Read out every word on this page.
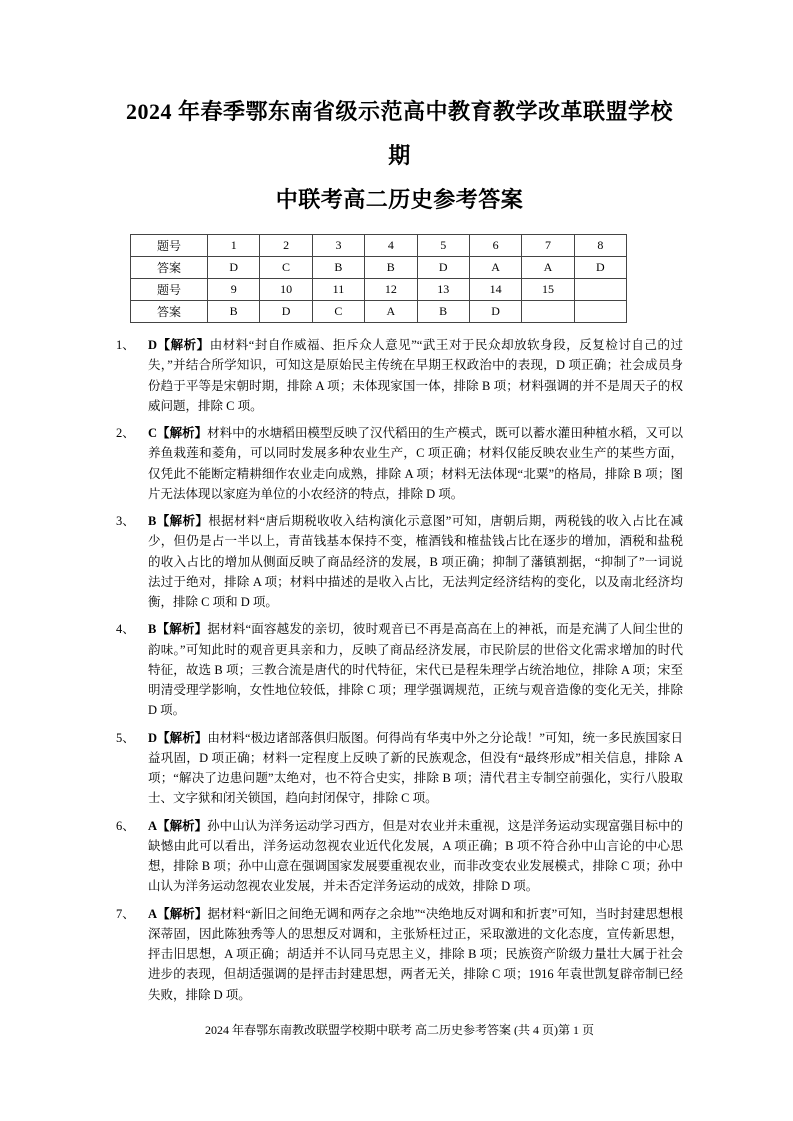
2024 年春季鄂东南省级示范高中教育教学改革联盟学校期
中联考高二历史参考答案
题号	1	2	3	4	5	6	7	8
答案	D	C	B	B	D	A	A	D
题号	9	10	11	12	13	14	15	
答案	B	D	C	A	B	D		
1、	D【解析】由材料“封自作威福、拒斥众人意见”“武王对于民众却放软身段，反复检讨自己的过失，”并结合所学知识，可知这是原始民主传统在早期王权政治中的表现，D 项正确；社会成员身份趋于平等是宋朝时期，排除 A 项；未体现家国一体，排除 B 项；材料强调的并不是周天子的权威问题，排除 C 项。
2、	C【解析】材料中的水塘稻田模型反映了汉代稻田的生产模式，既可以蓄水灌田种植水稻，又可以养鱼栽莲和菱角，可以同时发展多种农业生产，C 项正确；材料仅能反映农业生产的某些方面，仅凭此不能断定精耕细作农业走向成熟，排除 A 项；材料无法体现“北粟”的格局，排除 B 项；图片无法体现以家庭为单位的小农经济的特点，排除 D 项。
3、	B【解析】根据材料“唐后期税收收入结构演化示意图”可知，唐朝后期，两税钱的收入占比在减少，但仍是占一半以上，青苗钱基本保持不变，榷酒钱和榷盐钱占比在逐步的增加，酒税和盐税的收入占比的增加从侧面反映了商品经济的发展，B 项正确；抑制了藩镇割据，“抑制了”一词说法过于绝对，排除 A 项；材料中描述的是收入占比，无法判定经济结构的变化，以及南北经济均衡，排除 C 项和 D 项。
4、	B【解析】据材料“面容越发的亲切，彼时观音已不再是高高在上的神祇，而是充满了人间尘世的韵味。”可知此时的观音更具亲和力，反映了商品经济发展，市民阶层的世俗文化需求增加的时代特征，故选 B 项；三教合流是唐代的时代特征，宋代已是程朱理学占统治地位，排除 A 项；宋至明清受理学影响，女性地位较低，排除 C 项；理学强调规范，正统与观音造像的变化无关，排除 D 项。
5、	D【解析】由材料“极边诸部落俱归版图。何得尚有华夷中外之分论哉！”可知，统一多民族国家日益巩固，D 项正确；材料一定程度上反映了新的民族观念，但没有“最终形成”相关信息，排除 A 项；“解决了边患问题”太绝对，也不符合史实，排除 B 项；清代君主专制空前强化，实行八股取士、文字狱和闭关锁国，趋向封闭保守，排除 C 项。
6、	A【解析】孙中山认为洋务运动学习西方，但是对农业并未重视，这是洋务运动实现富强目标中的缺憾由此可以看出，洋务运动忽视农业近代化发展，A 项正确；B 项不符合孙中山言论的中心思想，排除 B 项；孙中山意在强调国家发展要重视农业，而非改变农业发展模式，排除 C 项；孙中山认为洋务运动忽视农业发展，并未否定洋务运动的成效，排除 D 项。
7、	A【解析】据材料“新旧之间绝无调和两存之余地”“决绝地反对调和和折衷”可知，当时封建思想根深蒂固，因此陈独秀等人的思想反对调和，主张矫枉过正，采取激进的文化态度，宣传新思想，抨击旧思想，A 项正确；胡适并不认同马克思主义，排除 B 项；民族资产阶级力量壮大属于社会进步的表现，但胡适强调的是抨击封建思想，两者无关，排除 C 项；1916 年袁世凯复辟帝制已经失败，排除 D 项。
2024 年春鄂东南教改联盟学校期中联考 高二历史参考答案 (共 4 页)第 1 页
